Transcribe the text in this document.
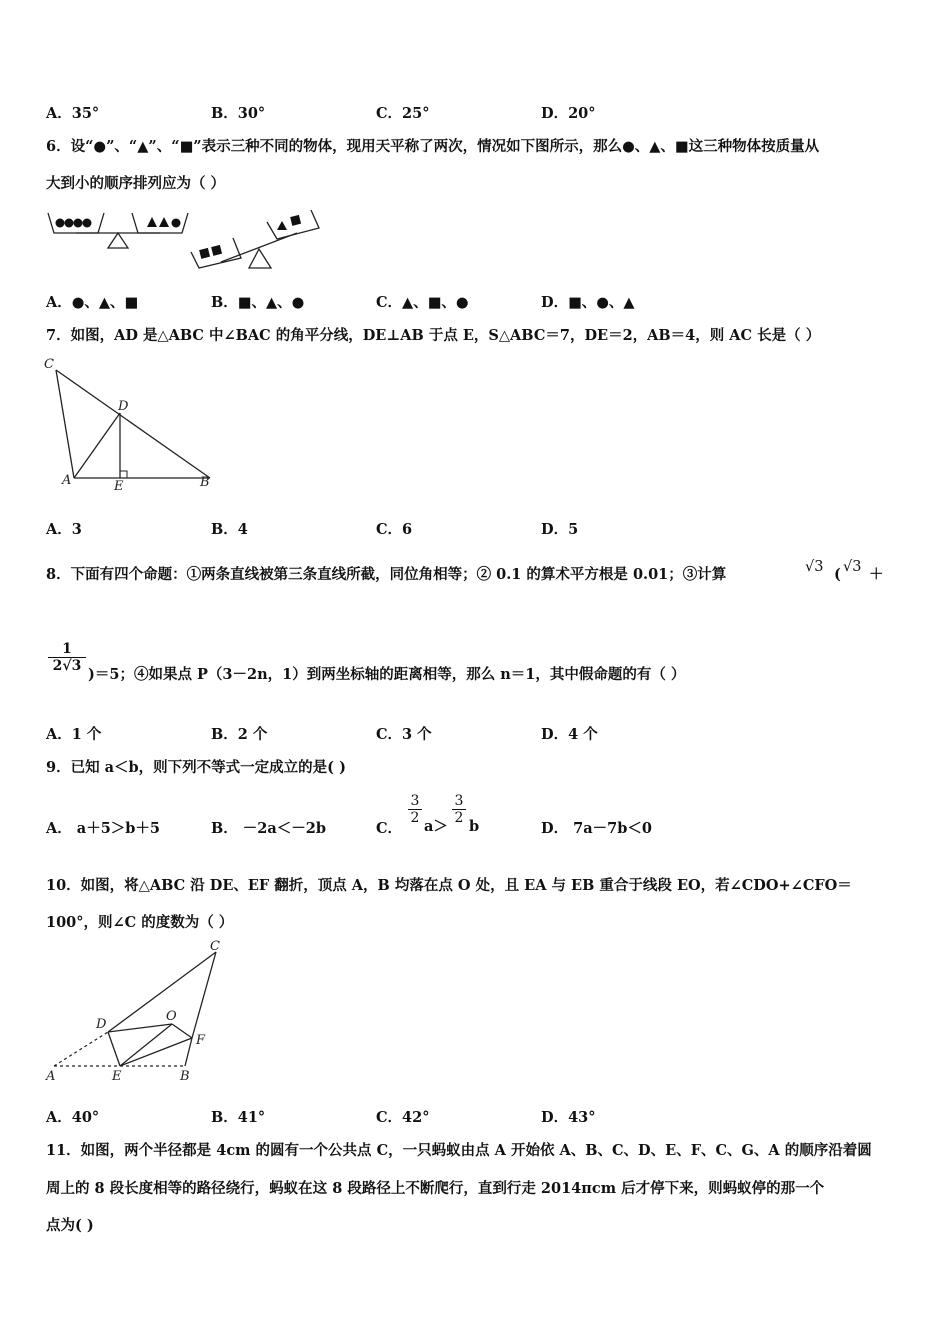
A．35°	B．30°	C．25°	D．20°
6．设“●”、“▲”、“■”表示三种不同的物体，现用天平称了两次，情况如下图所示，那么●、▲、■这三种物体按质量从
大到小的顺序排列应为（ ）
A．●、▲、■	B．■、▲、●	C．▲、■、●	D．■、●、▲
7．如图，AD 是△ABC 中∠BAC 的角平分线，DE⊥AB 于点 E，S△ABC＝7，DE＝2，AB＝4，则 AC 长是（ ）
C
D
A	E	B
A．3	B．4	C．6	D．5
8．下面有四个命题：①两条直线被第三条直线所截，同位角相等；② 0.1 的算术平方根是 0.01；③计算	√3 ( √3 ＋
$\frac{1}{2√3}$
)＝5；④如果点 P（3－2n，1）到两坐标轴的距离相等，那么 n＝1，其中假命题的有（ ）
A．1 个	B．2 个	C．3 个	D．4 个
9．已知 a＜b，则下列不等式一定成立的是( )
A． a＋5＞b＋5	B． －2a＜－2b	C．	D． 7a－7b＜0
$\frac{3}{2}$
a＞
$\frac{3}{2}$
b
10．如图，将△ABC 沿 DE、EF 翻折，顶点 A，B 均落在点 O 处，且 EA 与 EB 重合于线段 EO，若∠CDO+∠CFO＝
100°，则∠C 的度数为（ ）
C
D
O
F
A	E	B
A．40°	B．41°	C．42°	D．43°
11．如图，两个半径都是 4cm 的圆有一个公共点 C，一只蚂蚁由点 A 开始依 A、B、C、D、E、F、C、G、A 的顺序沿着圆
周上的 8 段长度相等的路径绕行，蚂蚁在这 8 段路径上不断爬行，直到行走 2014πcm 后才停下来，则蚂蚁停的那一个
点为( )
